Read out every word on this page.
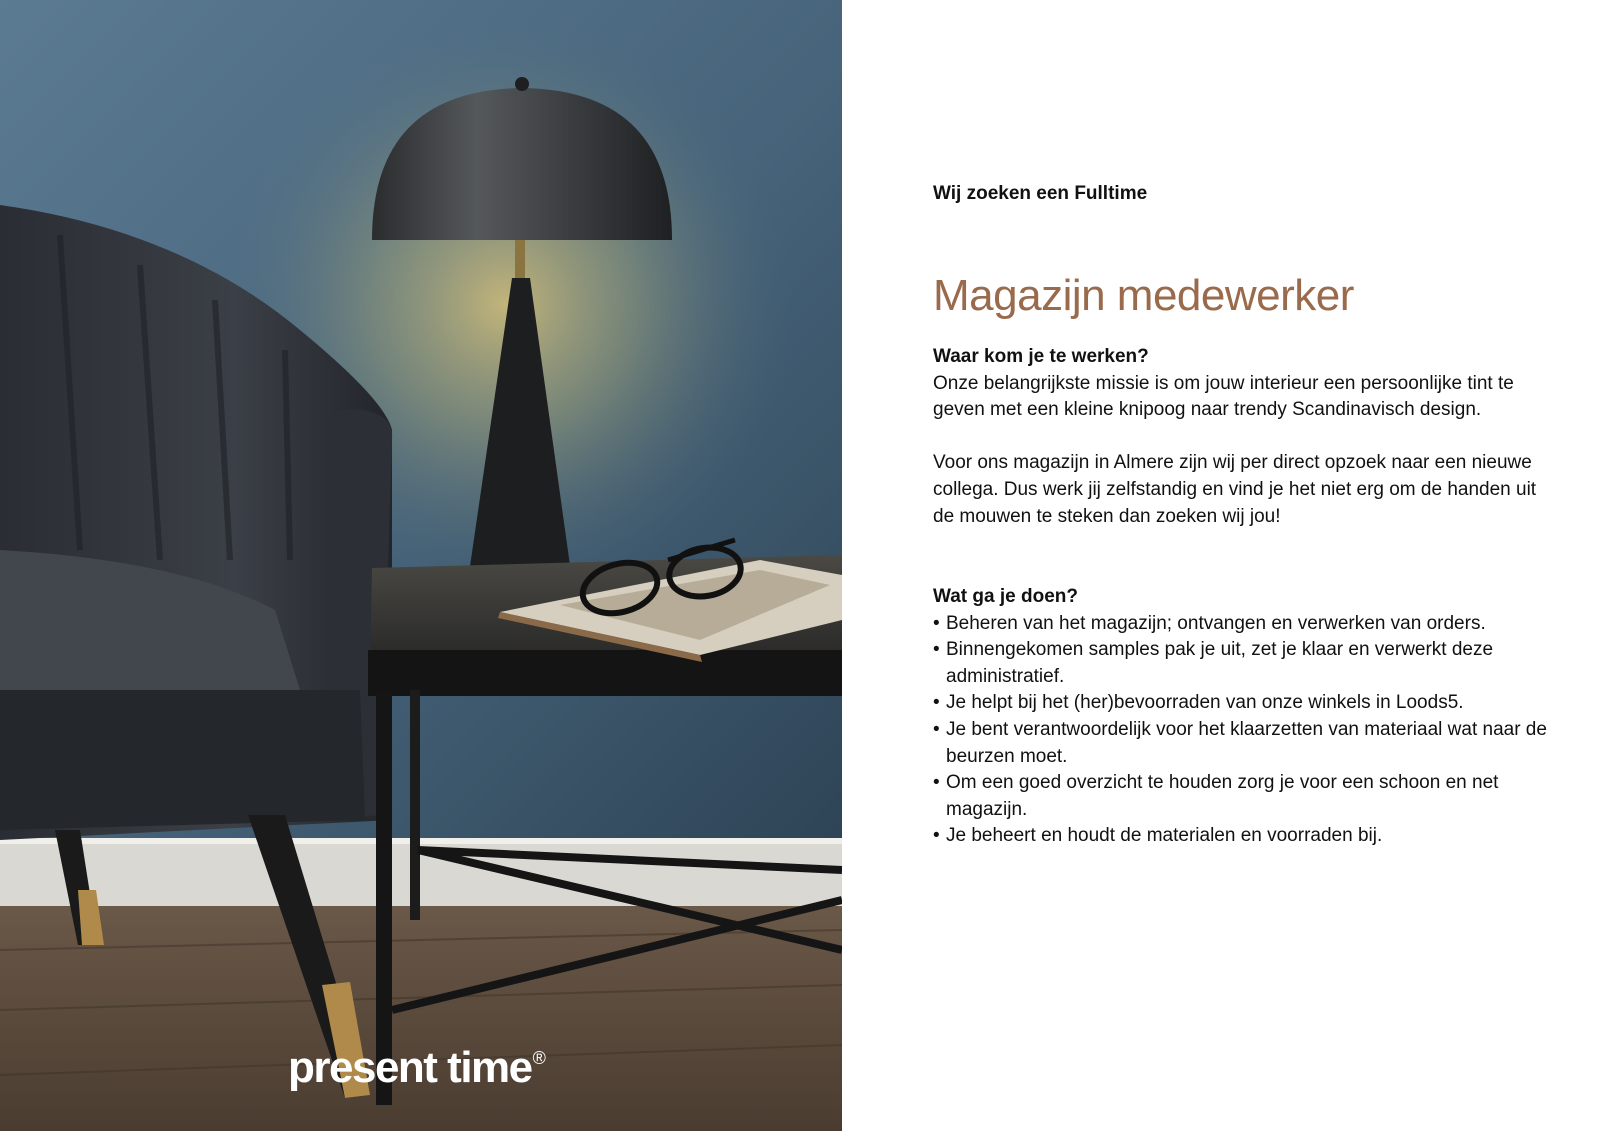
present time®
Wij zoeken een Fulltime
Magazijn medewerker
Waar kom je te werken?

Onze belangrijkste missie is om jouw interieur een persoonlijke tint te geven met een kleine knipoog naar trendy Scandinavisch design.

Voor ons magazijn in Almere zijn wij per direct opzoek naar een nieuwe collega. Dus werk jij zelfstandig en vind je het niet erg om de handen uit de mouwen te steken dan zoeken wij jou!

Wat ga je doen?
• Beheren van het magazijn; ontvangen en verwerken van orders.
• Binnengekomen samples pak je uit, zet je klaar en verwerkt deze administratief.
• Je helpt bij het (her)bevoorraden van onze winkels in Loods5.
• Je bent verantwoordelijk voor het klaarzetten van materiaal wat naar de beurzen moet.
• Om een goed overzicht te houden zorg je voor een schoon en net magazijn.
• Je beheert en houdt de materialen en voorraden bij.
